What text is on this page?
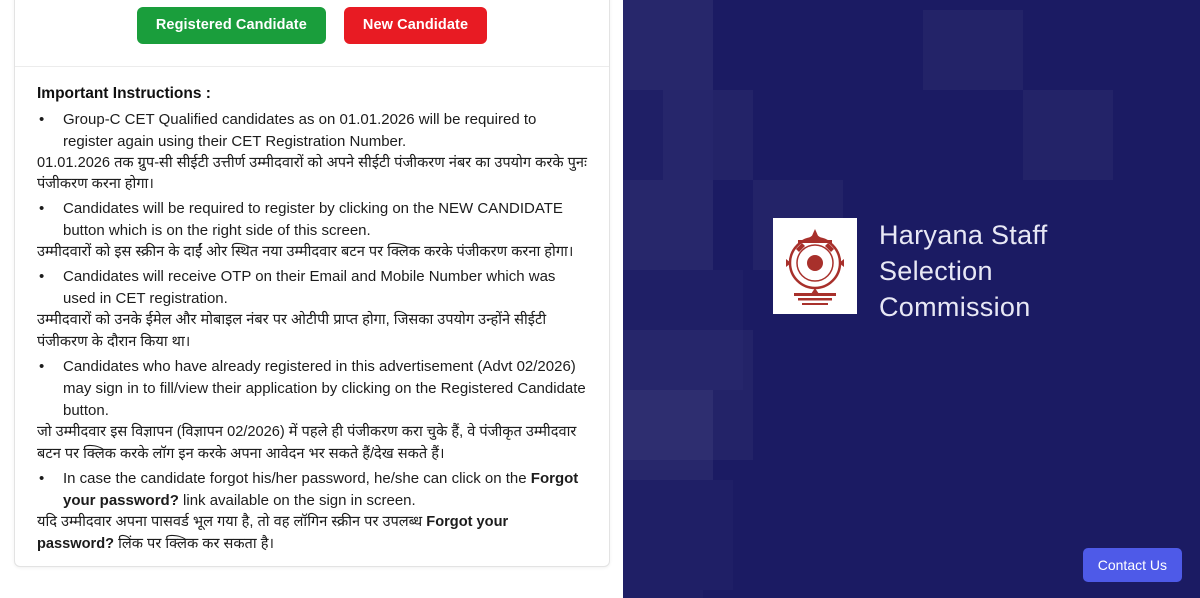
Registered Candidate	New Candidate
Important Instructions :
•	Group-C CET Qualified candidates as on 01.01.2026 will be required to register again using their CET Registration Number.
01.01.2026 तक ग्रुप-सी सीईटी उत्तीर्ण उम्मीदवारों को अपने सीईटी पंजीकरण नंबर का उपयोग करके पुनः पंजीकरण करना होगा।
•	Candidates will be required to register by clicking on the NEW CANDIDATE button which is on the right side of this screen.
उम्मीदवारों को इस स्क्रीन के दाईं ओर स्थित नया उम्मीदवार बटन पर क्लिक करके पंजीकरण करना होगा।
•	Candidates will receive OTP on their Email and Mobile Number which was used in CET registration.
उम्मीदवारों को उनके ईमेल और मोबाइल नंबर पर ओटीपी प्राप्त होगा, जिसका उपयोग उन्होंने सीईटी पंजीकरण के दौरान किया था।
•	Candidates who have already registered in this advertisement (Advt 02/2026) may sign in to fill/view their application by clicking on the Registered Candidate button.
जो उम्मीदवार इस विज्ञापन (विज्ञापन 02/2026) में पहले ही पंजीकरण करा चुके हैं, वे पंजीकृत उम्मीदवार बटन पर क्लिक करके लॉग इन करके अपना आवेदन भर सकते हैं/देख सकते हैं।
•	In case the candidate forgot his/her password, he/she can click on the Forgot your password? link available on the sign in screen.
यदि उम्मीदवार अपना पासवर्ड भूल गया है, तो वह लॉगिन स्क्रीन पर उपलब्ध Forgot your password? लिंक पर क्लिक कर सकता है।
Haryana Staff Selection Commission
Contact Us
